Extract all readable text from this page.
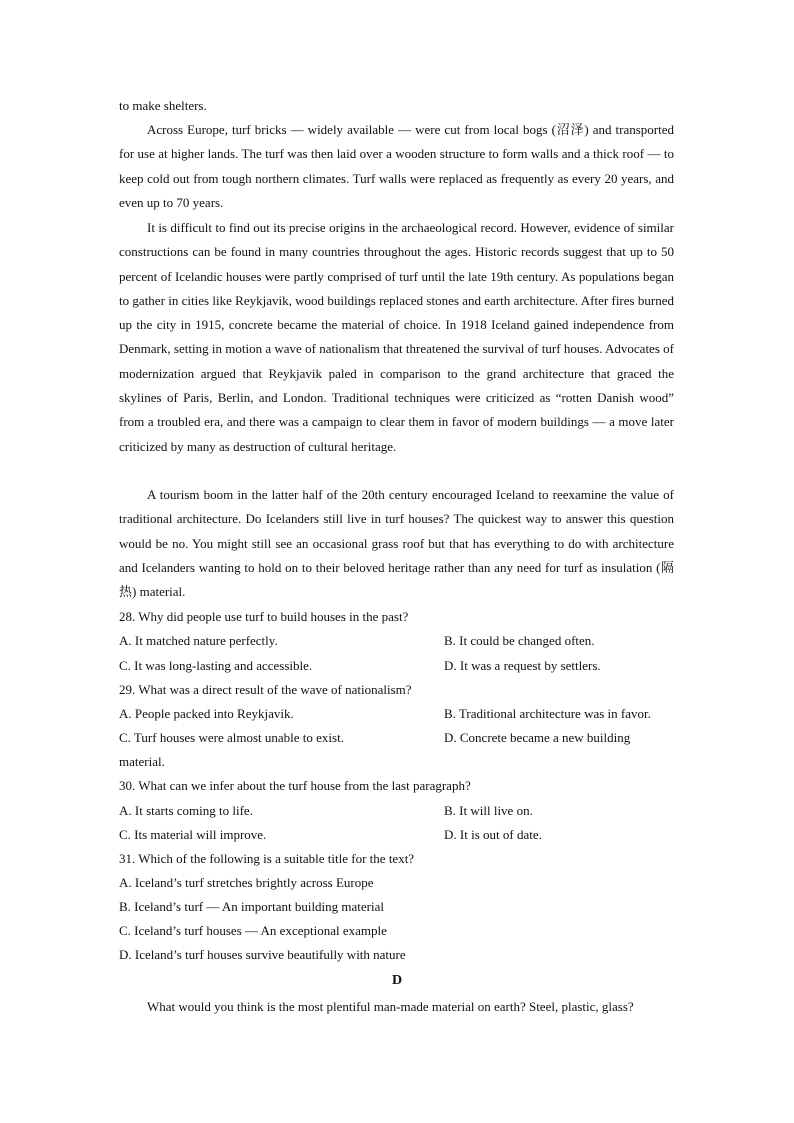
to make shelters.

Across Europe, turf bricks — widely available — were cut from local bogs (沼泽) and transported for use at higher lands. The turf was then laid over a wooden structure to form walls and a thick roof — to keep cold out from tough northern climates. Turf walls were replaced as frequently as every 20 years, and even up to 70 years.

It is difficult to find out its precise origins in the archaeological record. However, evidence of similar constructions can be found in many countries throughout the ages. Historic records suggest that up to 50 percent of Icelandic houses were partly comprised of turf until the late 19th century. As populations began to gather in cities like Reykjavik, wood buildings replaced stones and earth architecture. After fires burned up the city in 1915, concrete became the material of choice. In 1918 Iceland gained independence from Denmark, setting in motion a wave of nationalism that threatened the survival of turf houses. Advocates of modernization argued that Reykjavik paled in comparison to the grand architecture that graced the skylines of Paris, Berlin, and London. Traditional techniques were criticized as “rotten Danish wood” from a troubled era, and there was a campaign to clear them in favor of modern buildings — a move later criticized by many as destruction of cultural heritage.

A tourism boom in the latter half of the 20th century encouraged Iceland to reexamine the value of traditional architecture. Do Icelanders still live in turf houses? The quickest way to answer this question would be no. You might still see an occasional grass roof but that has everything to do with architecture and Icelanders wanting to hold on to their beloved heritage rather than any need for turf as insulation (隔热) material.

28. Why did people use turf to build houses in the past?
A. It matched nature perfectly.	B. It could be changed often.
C. It was long-lasting and accessible.	D. It was a request by settlers.
29. What was a direct result of the wave of nationalism?
A. People packed into Reykjavik.	B. Traditional architecture was in favor.
C. Turf houses were almost unable to exist.	D. Concrete became a new building
material.
30. What can we infer about the turf house from the last paragraph?
A. It starts coming to life.	B. It will live on.
C. Its material will improve.	D. It is out of date.
31. Which of the following is a suitable title for the text?
A. Iceland’s turf stretches brightly across Europe
B. Iceland’s turf — An important building material
C. Iceland’s turf houses — An exceptional example
D. Iceland’s turf houses survive beautifully with nature
D
What would you think is the most plentiful man-made material on earth? Steel, plastic, glass?
